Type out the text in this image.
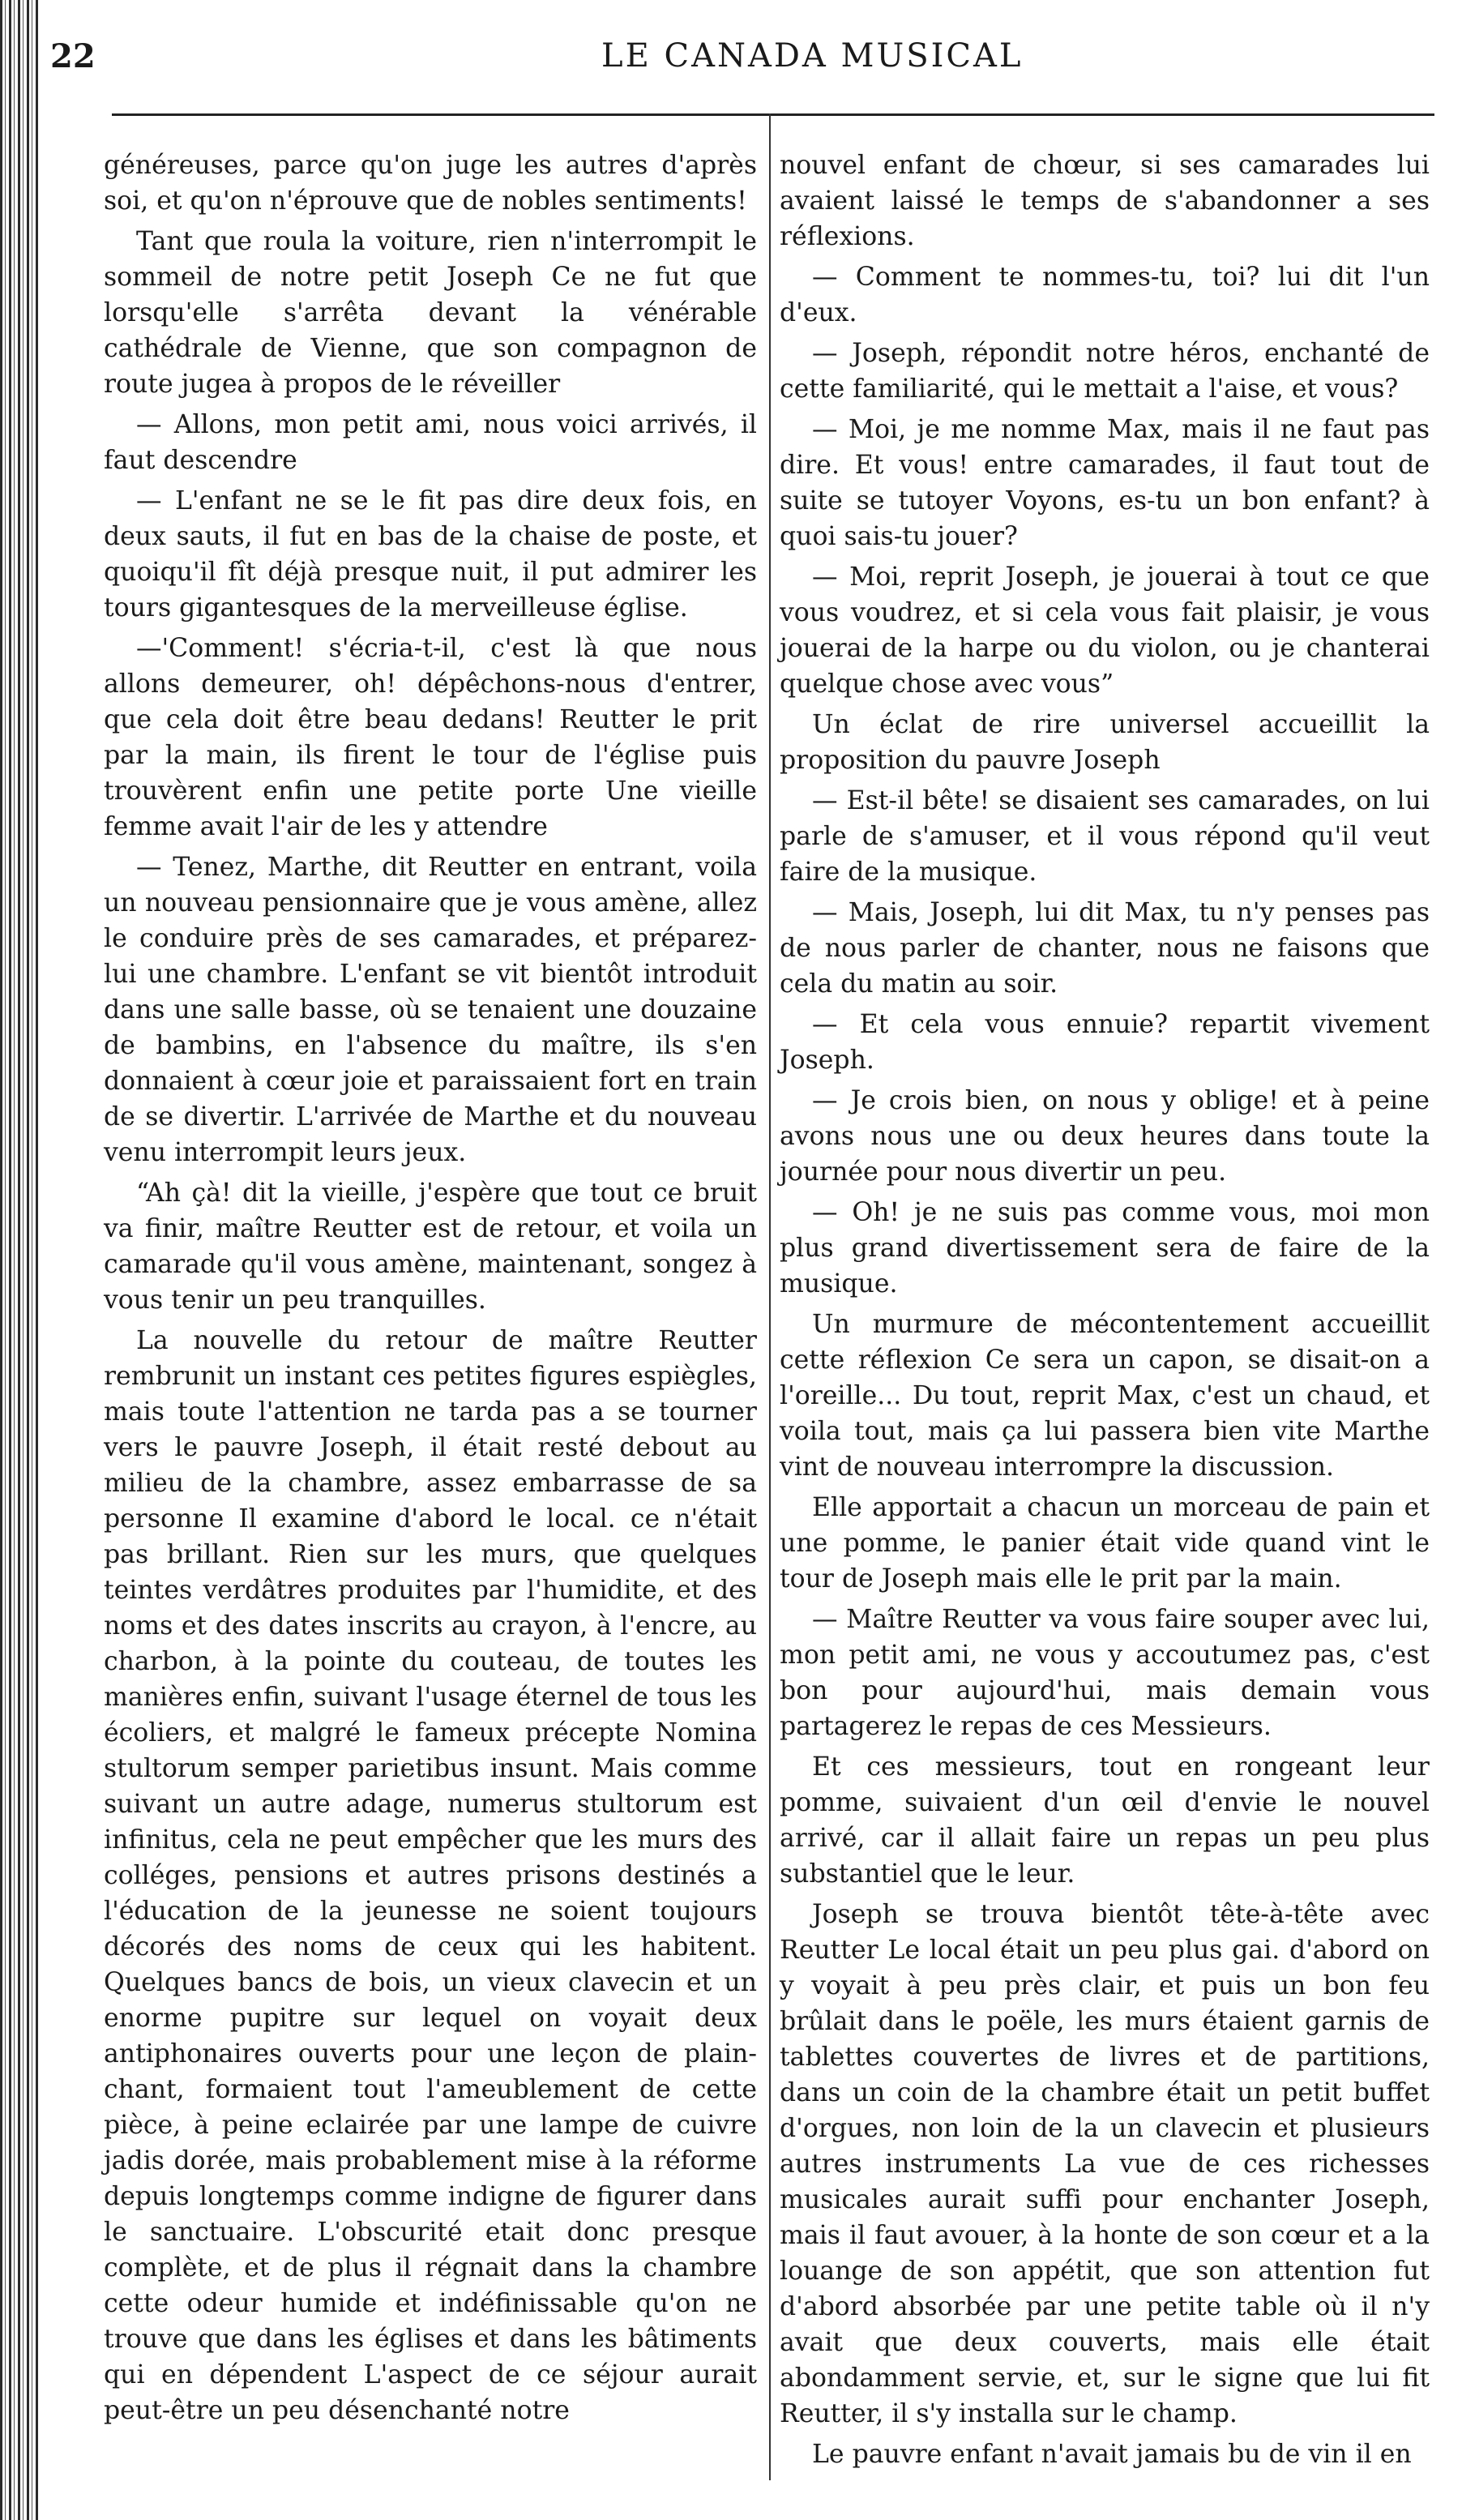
22	LE CANADA MUSICAL

généreuses, parce qu'on juge les autres d'après soi, et qu'on n'éprouve que de nobles sentiments!

Tant que roula la voiture, rien n'interrompit le sommeil de notre petit Joseph Ce ne fut que lorsqu'elle s'arrêta devant la vénérable cathédrale de Vienne, que son compagnon de route jugea à propos de le réveiller

— Allons, mon petit ami, nous voici arrivés, il faut descendre

— L'enfant ne se le fit pas dire deux fois, en deux sauts, il fut en bas de la chaise de poste, et quoiqu'il fît déjà presque nuit, il put admirer les tours gigantesques de la merveilleuse église.

—'Comment! s'écria-t-il, c'est là que nous allons demeurer, oh! dépêchons-nous d'entrer, que cela doit être beau dedans! Reutter le prit par la main, ils firent le tour de l'église puis trouvèrent enfin une petite porte Une vieille femme avait l'air de les y attendre

— Tenez, Marthe, dit Reutter en entrant, voila un nouveau pensionnaire que je vous amène, allez le conduire près de ses camarades, et préparez-lui une chambre. L'enfant se vit bientôt introduit dans une salle basse, où se tenaient une douzaine de bambins, en l'absence du maître, ils s'en donnaient à cœur joie et paraissaient fort en train de se divertir. L'arrivée de Marthe et du nouveau venu interrompit leurs jeux.

“Ah çà! dit la vieille, j'espère que tout ce bruit va finir, maître Reutter est de retour, et voila un camarade qu'il vous amène, maintenant, songez à vous tenir un peu tranquilles.

La nouvelle du retour de maître Reutter rembrunit un instant ces petites figures espiègles, mais toute l'attention ne tarda pas a se tourner vers le pauvre Joseph, il était resté debout au milieu de la chambre, assez embarrasse de sa personne Il examine d'abord le local. ce n'était pas brillant. Rien sur les murs, que quelques teintes verdâtres produites par l'humidite, et des noms et des dates inscrits au crayon, à l'encre, au charbon, à la pointe du couteau, de toutes les manières enfin, suivant l'usage éternel de tous les écoliers, et malgré le fameux précepte Nomina stultorum semper parietibus insunt. Mais comme suivant un autre adage, numerus stultorum est infinitus, cela ne peut empêcher que les murs des colléges, pensions et autres prisons destinés a l'éducation de la jeunesse ne soient toujours décorés des noms de ceux qui les habitent. Quelques bancs de bois, un vieux clavecin et un enorme pupitre sur lequel on voyait deux antiphonaires ouverts pour une leçon de plain-chant, formaient tout l'ameublement de cette pièce, à peine eclairée par une lampe de cuivre jadis dorée, mais probablement mise à la réforme depuis longtemps comme indigne de figurer dans le sanctuaire. L'obscurité etait donc presque complète, et de plus il régnait dans la chambre cette odeur humide et indéfinissable qu'on ne trouve que dans les églises et dans les bâtiments qui en dépendent L'aspect de ce séjour aurait peut-être un peu désenchanté notre

nouvel enfant de chœur, si ses camarades lui avaient laissé le temps de s'abandonner a ses réflexions.

— Comment te nommes-tu, toi? lui dit l'un d'eux.

— Joseph, répondit notre héros, enchanté de cette familiarité, qui le mettait a l'aise, et vous?

— Moi, je me nomme Max, mais il ne faut pas dire. Et vous! entre camarades, il faut tout de suite se tutoyer Voyons, es-tu un bon enfant? à quoi sais-tu jouer?

— Moi, reprit Joseph, je jouerai à tout ce que vous voudrez, et si cela vous fait plaisir, je vous jouerai de la harpe ou du violon, ou je chanterai quelque chose avec vous”

Un éclat de rire universel accueillit la proposition du pauvre Joseph

— Est-il bête! se disaient ses camarades, on lui parle de s'amuser, et il vous répond qu'il veut faire de la musique.

— Mais, Joseph, lui dit Max, tu n'y penses pas de nous parler de chanter, nous ne faisons que cela du matin au soir.

— Et cela vous ennuie? repartit vivement Joseph.

— Je crois bien, on nous y oblige! et à peine avons nous une ou deux heures dans toute la journée pour nous divertir un peu.

— Oh! je ne suis pas comme vous, moi mon plus grand divertissement sera de faire de la musique.

Un murmure de mécontentement accueillit cette réflexion Ce sera un capon, se disait-on a l'oreille... Du tout, reprit Max, c'est un chaud, et voila tout, mais ça lui passera bien vite Marthe vint de nouveau interrompre la discussion.

Elle apportait a chacun un morceau de pain et une pomme, le panier était vide quand vint le tour de Joseph mais elle le prit par la main.

— Maître Reutter va vous faire souper avec lui, mon petit ami, ne vous y accoutumez pas, c'est bon pour aujourd'hui, mais demain vous partagerez le repas de ces Messieurs.

Et ces messieurs, tout en rongeant leur pomme, suivaient d'un œil d'envie le nouvel arrivé, car il allait faire un repas un peu plus substantiel que le leur.

Joseph se trouva bientôt tête-à-tête avec Reutter Le local était un peu plus gai. d'abord on y voyait à peu près clair, et puis un bon feu brûlait dans le poële, les murs étaient garnis de tablettes couvertes de livres et de partitions, dans un coin de la chambre était un petit buffet d'orgues, non loin de la un clavecin et plusieurs autres instruments La vue de ces richesses musicales aurait suffi pour enchanter Joseph, mais il faut avouer, à la honte de son cœur et a la louange de son appétit, que son attention fut d'abord absorbée par une petite table où il n'y avait que deux couverts, mais elle était abondamment servie, et, sur le signe que lui fit Reutter, il s'y installa sur le champ.

Le pauvre enfant n'avait jamais bu de vin il en
